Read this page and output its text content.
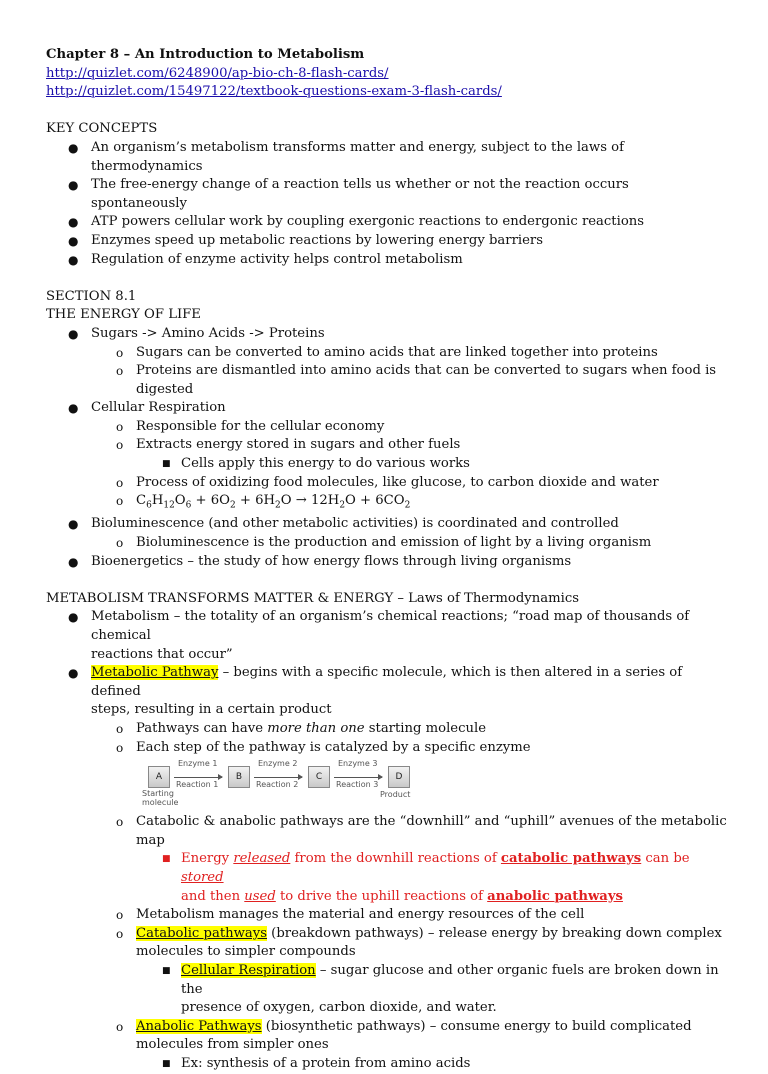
Chapter 8 – An Introduction to Metabolism
http://quizlet.com/6248900/ap-bio-ch-8-flash-cards/
http://quizlet.com/15497122/textbook-questions-exam-3-flash-cards/
KEY CONCEPTS
● An organism’s metabolism transforms matter and energy, subject to the laws of thermodynamics
● The free-energy change of a reaction tells us whether or not the reaction occurs spontaneously
● ATP powers cellular work by coupling exergonic reactions to endergonic reactions
● Enzymes speed up metabolic reactions by lowering energy barriers
● Regulation of enzyme activity helps control metabolism
SECTION 8.1
THE ENERGY OF LIFE
● Sugars -> Amino Acids -> Proteins
o Sugars can be converted to amino acids that are linked together into proteins
o Proteins are dismantled into amino acids that can be converted to sugars when food is
digested
● Cellular Respiration
o Responsible for the cellular economy
o Extracts energy stored in sugars and other fuels
■ Cells apply this energy to do various works
o Process of oxidizing food molecules, like glucose, to carbon dioxide and water
o $C_6H_{12}O_6 + 6O_2 + 6H_2O \to 12H_2O + 6CO_2$
● Bioluminescence (and other metabolic activities) is coordinated and controlled
o Bioluminescence is the production and emission of light by a living organism
● Bioenergetics – the study of how energy flows through living organisms
METABOLISM TRANSFORMS MATTER & ENERGY – Laws of Thermodynamics
● Metabolism – the totality of an organism’s chemical reactions; “road map of thousands of chemical
reactions that occur”
● Metabolic Pathway – begins with a specific molecule, which is then altered in a series of defined
steps, resulting in a certain product
o Pathways can have more than one starting molecule
o Each step of the pathway is catalyzed by a specific enzyme
A	B	C	D
Enzyme 1	Enzyme 2	Enzyme 3
Reaction 1	Reaction 2	Reaction 3
Starting
molecule
Product
o Catabolic & anabolic pathways are the “downhill” and “uphill” avenues of the metabolic
map
■ Energy released from the downhill reactions of catabolic pathways can be stored
and then used to drive the uphill reactions of anabolic pathways
o Metabolism manages the material and energy resources of the cell
o Catabolic pathways (breakdown pathways) – release energy by breaking down complex
molecules to simpler compounds
■ Cellular Respiration – sugar glucose and other organic fuels are broken down in the
presence of oxygen, carbon dioxide, and water.
o Anabolic Pathways (biosynthetic pathways) – consume energy to build complicated
molecules from simpler ones
■ Ex: synthesis of a protein from amino acids
